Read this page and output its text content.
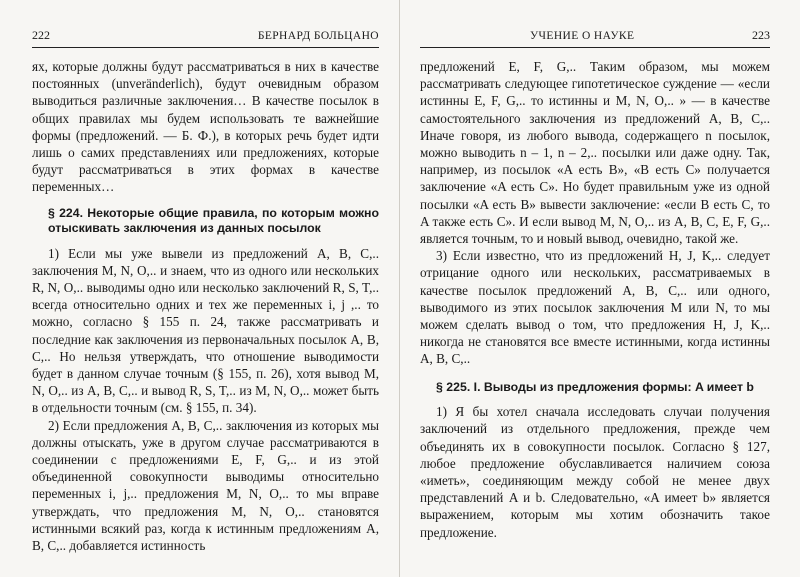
222	БЕРНАРД БОЛЬЦАНО

ях, которые должны будут рассматриваться в них в качестве постоянных (unveränderlich), будут очевидным образом выводиться различные заключения… В качестве посылок в общих правилах мы будем использовать те важнейшие формы (предложений. — Б. Ф.), в которых речь будет идти лишь о самих представлениях или предложениях, которые будут рассматриваться в этих формах в качестве переменных…

§ 224. Некоторые общие правила, по которым можно отыскивать заключения из данных посылок

1) Если мы уже вывели из предложений A, B, C,.. заключения M, N, O,.. и знаем, что из одного или нескольких R, N, O,.. выводимы одно или несколько заключений R, S, T,.. всегда относительно одних и тех же переменных i, j ,.. то можно, согласно § 155 п. 24, также рассматривать и последние как заключения из первоначальных посылок A, B, C,.. Но нельзя утверждать, что отношение выводимости будет в данном случае точным (§ 155, п. 26), хотя вывод M, N, O,.. из A, B, C,.. и вывод R, S, T,.. из M, N, O,.. может быть в отдельности точным (см. § 155, п. 34).

2) Если предложения A, B, C,.. заключения из которых мы должны отыскать, уже в другом случае рассматриваются в соединении с предложениями E, F, G,.. и из этой объединенной совокупности выводимы относительно переменных i, j,.. предложения M, N, O,.. то мы вправе утверждать, что предложения M, N, O,.. становятся истинными всякий раз, когда к истинным предложениям A, B, C,.. добавляется истинность

УЧЕНИЕ О НАУКЕ	223

предложений E, F, G,.. Таким образом, мы можем рассматривать следующее гипотетическое суждение — «если истинны E, F, G,.. то истинны и M, N, O,.. » — в качестве самостоятельного заключения из предложений A, B, C,.. Иначе говоря, из любого вывода, содержащего n посылок, можно выводить n – 1, n – 2,.. посылки или даже одну. Так, например, из посылок «A есть B», «B есть C» получается заключение «A есть C». Но будет правильным уже из одной посылки «A есть B» вывести заключение: «если B есть C, то A также есть C». И если вывод M, N, O,.. из A, B, C, E, F, G,.. является точным, то и новый вывод, очевидно, такой же.

3) Если известно, что из предложений H, J, K,.. следует отрицание одного или нескольких, рассматриваемых в качестве посылок предложений A, B, C,.. или одного, выводимого из этих посылок заключения M или N, то мы можем сделать вывод о том, что предложения H, J, K,.. никогда не становятся все вместе истинными, когда истинны A, B, C,..

§ 225. I. Выводы из предложения формы: A имеет b

1) Я бы хотел сначала исследовать случаи получения заключений из отдельного предложения, прежде чем объединять их в совокупности посылок. Согласно § 127, любое предложение обуславливается наличием союза «иметь», соединяющим между собой не менее двух представлений A и b. Следовательно, «A имеет b» является выражением, которым мы хотим обозначить такое предложение.
